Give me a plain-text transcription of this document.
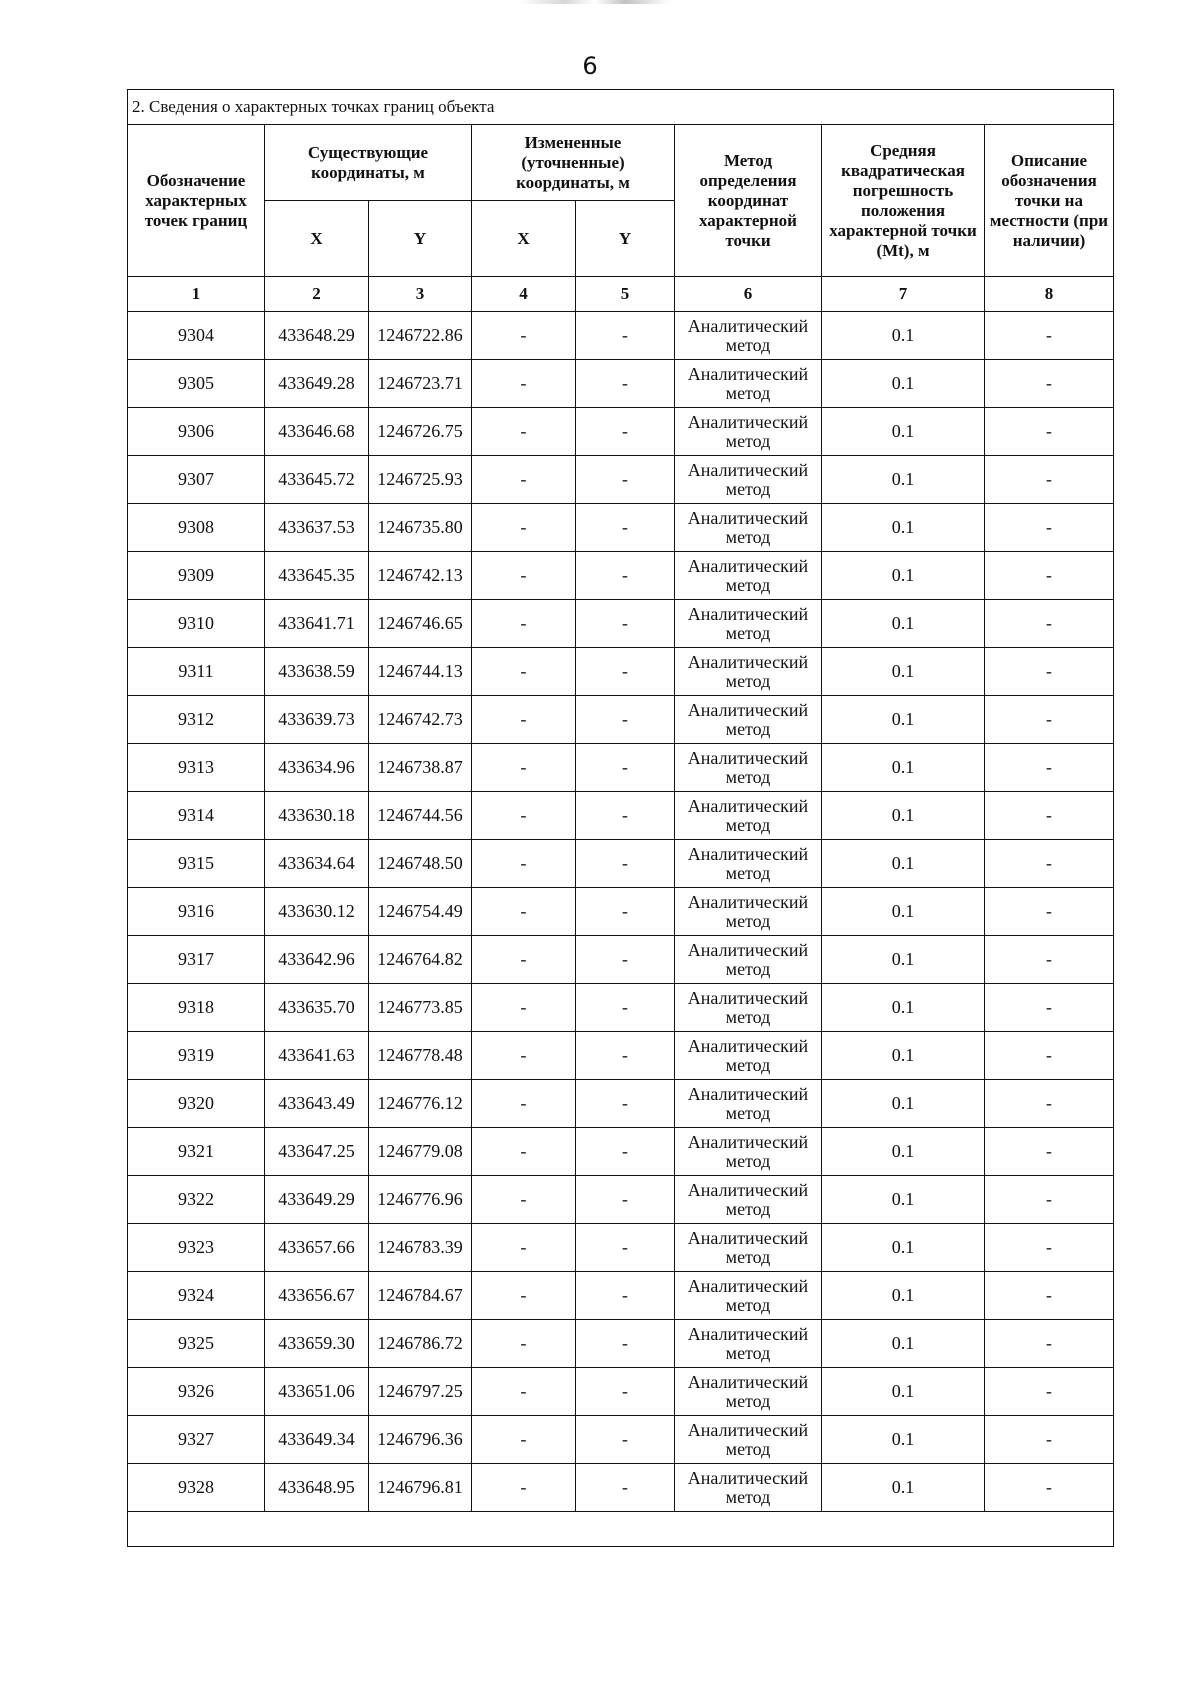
6
2. Сведения о характерных точках границ объекта							
Обозначение характерных точек границ	Существующие координаты, м		Измененные (уточненные) координаты, м		Метод определения координат характерной точки	Средняя квадратическая погрешность положения характерной точки (Mt), м	Описание обозначения точки на местности (при наличии)
	X	Y	X	Y			
1	2	3	4	5	6	7	8
9304	433648.29	1246722.86	-	-	Аналитический метод	0.1	-
9305	433649.28	1246723.71	-	-	Аналитический метод	0.1	-
9306	433646.68	1246726.75	-	-	Аналитический метод	0.1	-
9307	433645.72	1246725.93	-	-	Аналитический метод	0.1	-
9308	433637.53	1246735.80	-	-	Аналитический метод	0.1	-
9309	433645.35	1246742.13	-	-	Аналитический метод	0.1	-
9310	433641.71	1246746.65	-	-	Аналитический метод	0.1	-
9311	433638.59	1246744.13	-	-	Аналитический метод	0.1	-
9312	433639.73	1246742.73	-	-	Аналитический метод	0.1	-
9313	433634.96	1246738.87	-	-	Аналитический метод	0.1	-
9314	433630.18	1246744.56	-	-	Аналитический метод	0.1	-
9315	433634.64	1246748.50	-	-	Аналитический метод	0.1	-
9316	433630.12	1246754.49	-	-	Аналитический метод	0.1	-
9317	433642.96	1246764.82	-	-	Аналитический метод	0.1	-
9318	433635.70	1246773.85	-	-	Аналитический метод	0.1	-
9319	433641.63	1246778.48	-	-	Аналитический метод	0.1	-
9320	433643.49	1246776.12	-	-	Аналитический метод	0.1	-
9321	433647.25	1246779.08	-	-	Аналитический метод	0.1	-
9322	433649.29	1246776.96	-	-	Аналитический метод	0.1	-
9323	433657.66	1246783.39	-	-	Аналитический метод	0.1	-
9324	433656.67	1246784.67	-	-	Аналитический метод	0.1	-
9325	433659.30	1246786.72	-	-	Аналитический метод	0.1	-
9326	433651.06	1246797.25	-	-	Аналитический метод	0.1	-
9327	433649.34	1246796.36	-	-	Аналитический метод	0.1	-
9328	433648.95	1246796.81	-	-	Аналитический метод	0.1	-
